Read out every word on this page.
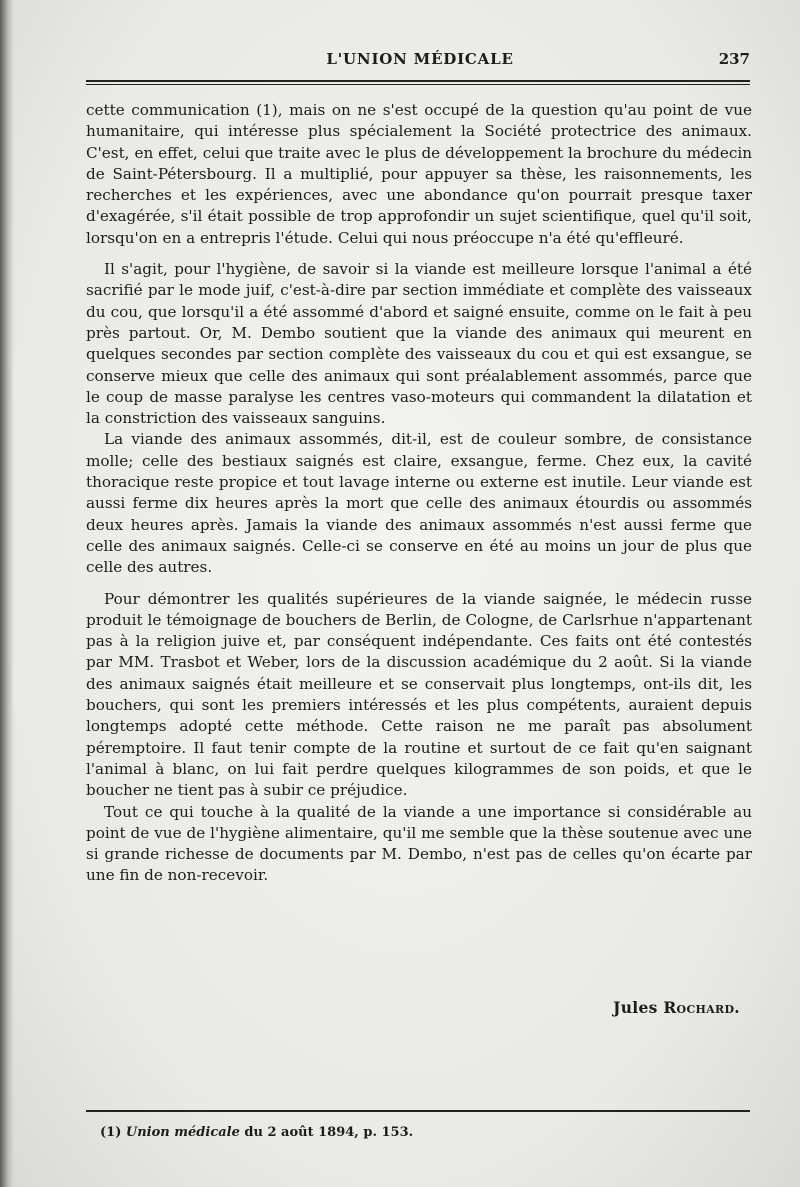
L'UNION MÉDICALE	237

cette communication (1), mais on ne s'est occupé de la question qu'au point de vue humanitaire, qui intéresse plus spécialement la Société protectrice des animaux. C'est, en effet, celui que traite avec le plus de développement la brochure du médecin de Saint-Pétersbourg. Il a multiplié, pour appuyer sa thèse, les raisonnements, les recherches et les expériences, avec une abondance qu'on pourrait presque taxer d'exagérée, s'il était possible de trop approfondir un sujet scientifique, quel qu'il soit, lorsqu'on en a entrepris l'étude. Celui qui nous préoccupe n'a été qu'effleuré.

Il s'agit, pour l'hygiène, de savoir si la viande est meilleure lorsque l'animal a été sacrifié par le mode juif, c'est-à-dire par section immédiate et complète des vaisseaux du cou, que lorsqu'il a été assommé d'abord et saigné ensuite, comme on le fait à peu près partout. Or, M. Dembo soutient que la viande des animaux qui meurent en quelques secondes par section complète des vaisseaux du cou et qui est exsangue, se conserve mieux que celle des animaux qui sont préalablement assommés, parce que le coup de masse paralyse les centres vaso-moteurs qui commandent la dilatation et la constriction des vaisseaux sanguins.

La viande des animaux assommés, dit-il, est de couleur sombre, de consistance molle; celle des bestiaux saignés est claire, exsangue, ferme. Chez eux, la cavité thoracique reste propice et tout lavage interne ou externe est inutile. Leur viande est aussi ferme dix heures après la mort que celle des animaux étourdis ou assommés deux heures après. Jamais la viande des animaux assommés n'est aussi ferme que celle des animaux saignés. Celle-ci se conserve en été au moins un jour de plus que celle des autres.

Pour démontrer les qualités supérieures de la viande saignée, le médecin russe produit le témoignage de bouchers de Berlin, de Cologne, de Carlsrhue n'appartenant pas à la religion juive et, par conséquent indépendante. Ces faits ont été contestés par MM. Trasbot et Weber, lors de la discussion académique du 2 août. Si la viande des animaux saignés était meilleure et se conservait plus longtemps, ont-ils dit, les bouchers, qui sont les premiers intéressés et les plus compétents, auraient depuis longtemps adopté cette méthode. Cette raison ne me paraît pas absolument péremptoire. Il faut tenir compte de la routine et surtout de ce fait qu'en saignant l'animal à blanc, on lui fait perdre quelques kilogrammes de son poids, et que le boucher ne tient pas à subir ce préjudice.

Tout ce qui touche à la qualité de la viande a une importance si considérable au point de vue de l'hygiène alimentaire, qu'il me semble que la thèse soutenue avec une si grande richesse de documents par M. Dembo, n'est pas de celles qu'on écarte par une fin de non-recevoir.

Jules Rochard.
(1) Union médicale du 2 août 1894, p. 153.
